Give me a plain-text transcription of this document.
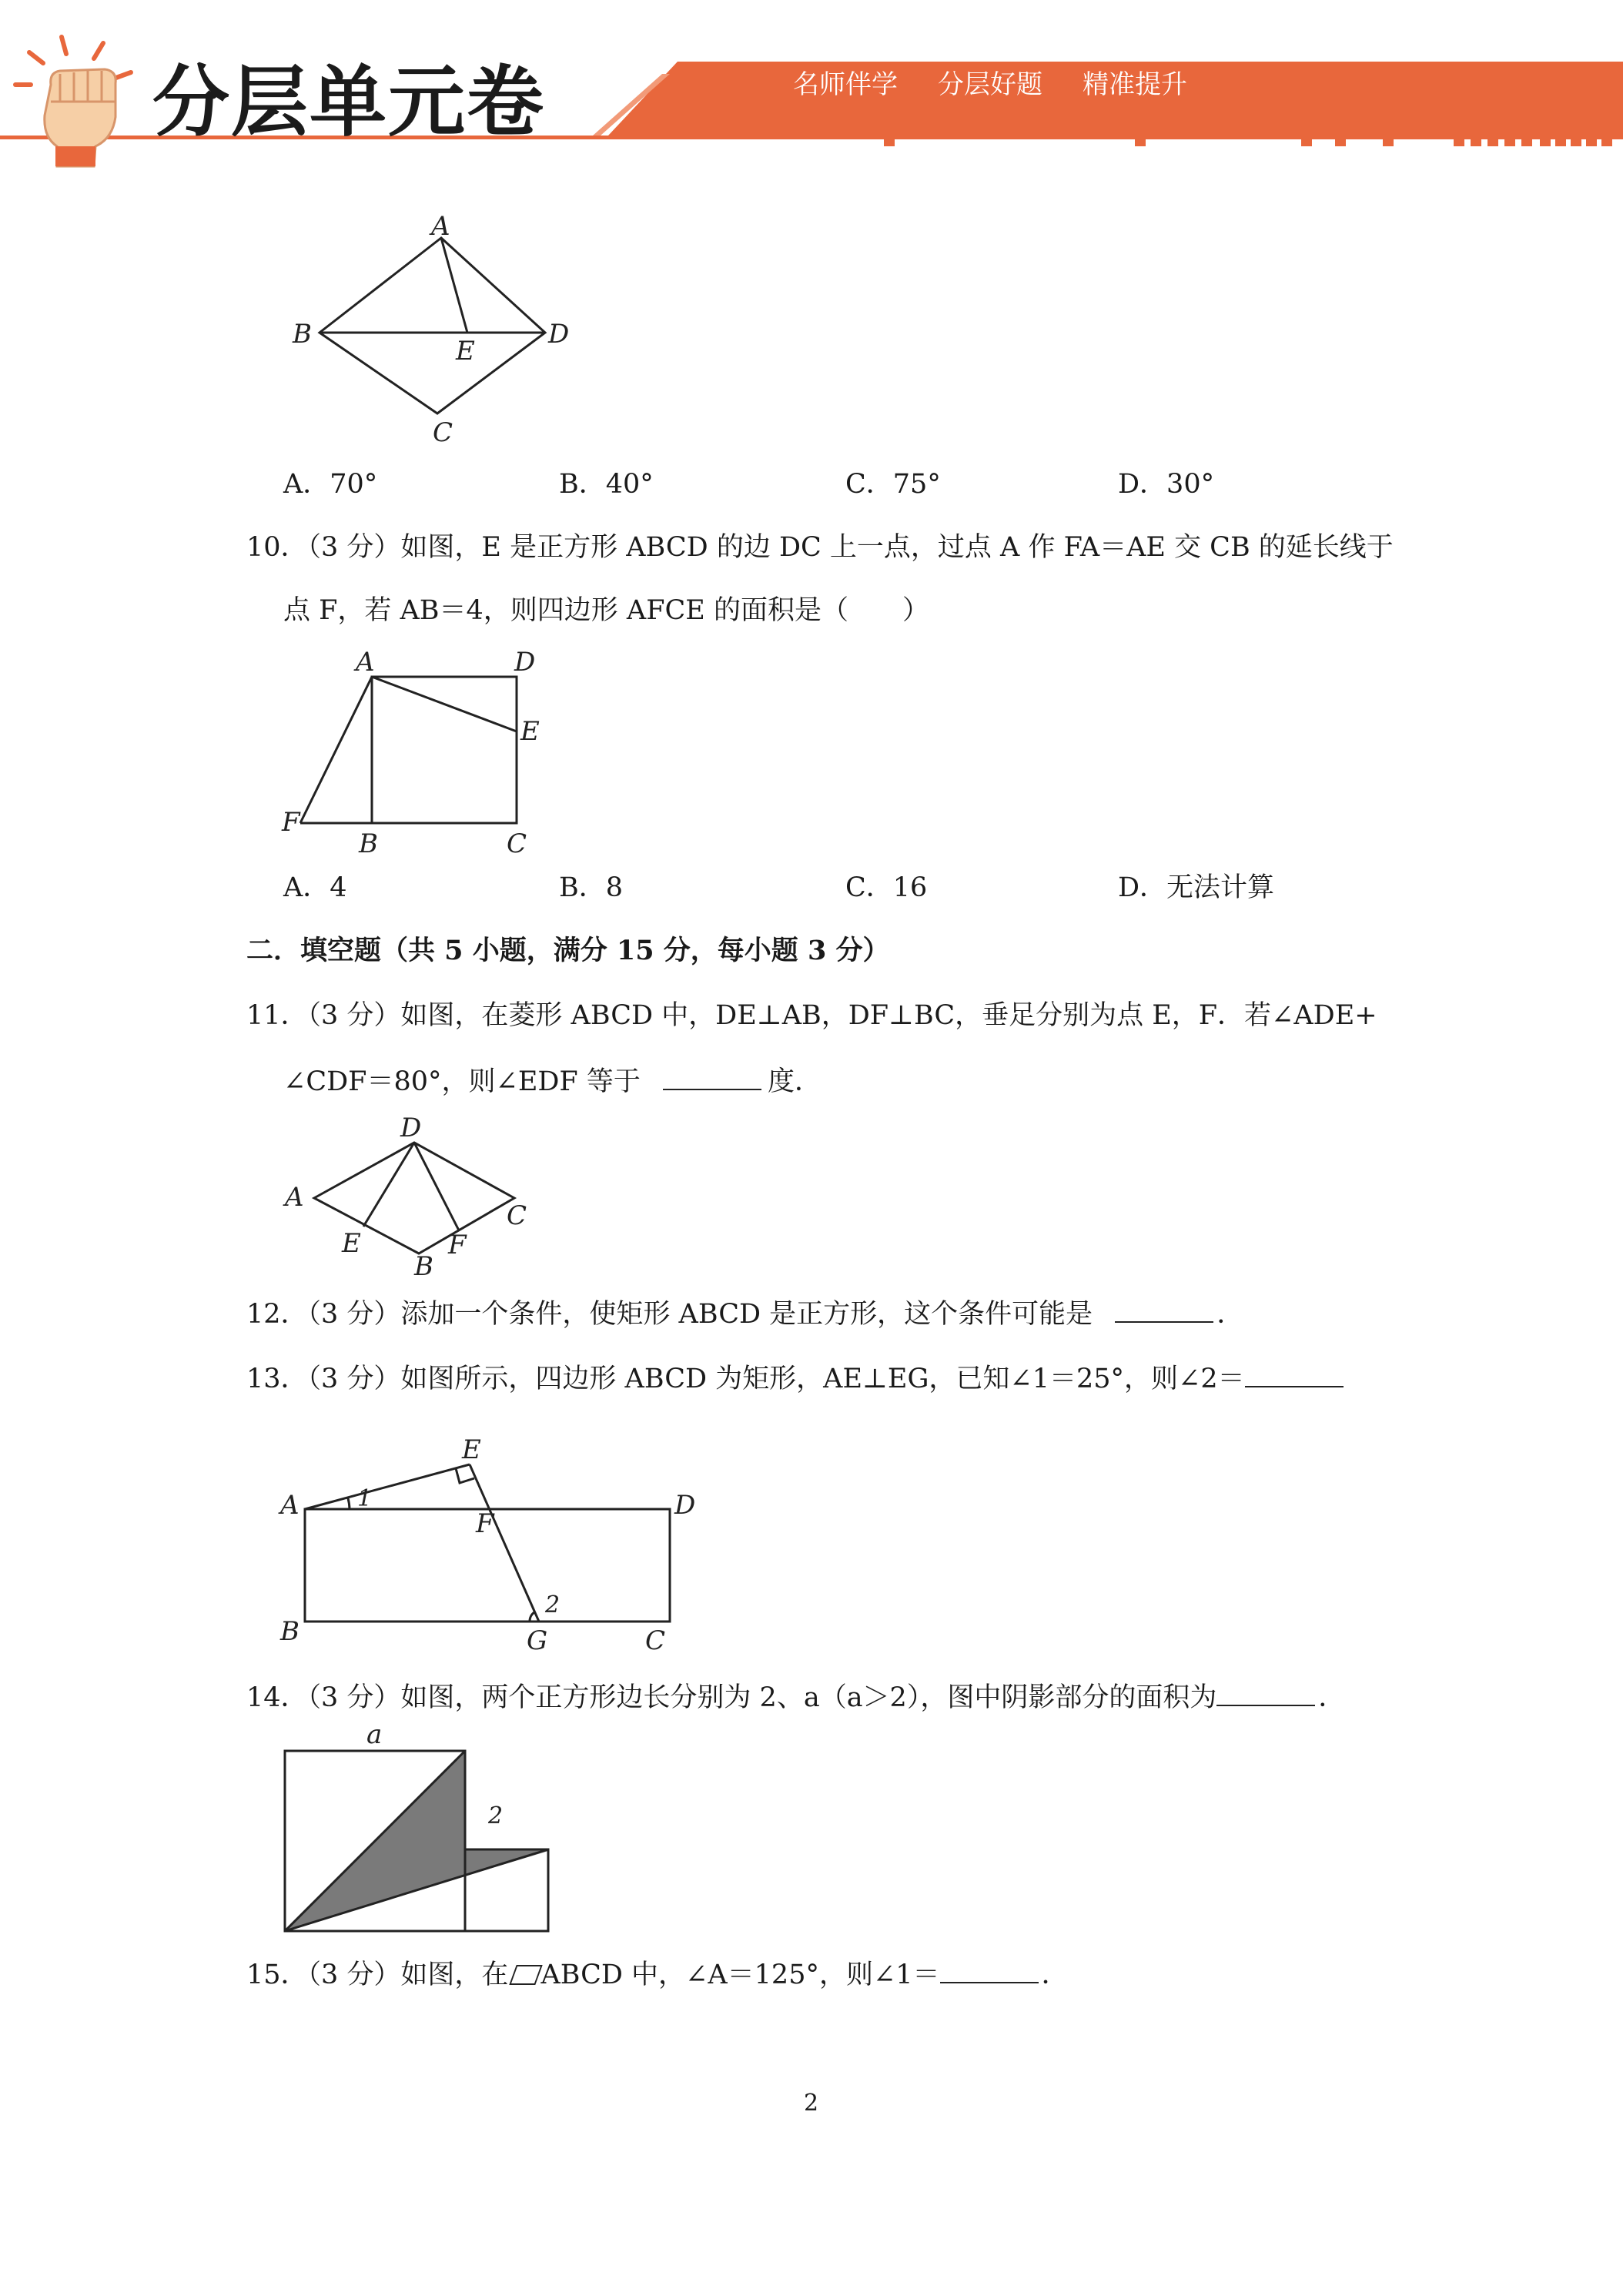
分层单元卷	名师伴学 分层好题 精准提升
A
B	D
C
E
A．70°	B．40°	C．75°	D．30°
10．（3 分）如图，E 是正方形 ABCD 的边 DC 上一点，过点 A 作 FA＝AE 交 CB 的延长线于
点 F，若 AB＝4，则四边形 AFCE 的面积是（　　）
A	D
E
F
B	C
A．4	B．8	C．16	D．无法计算
二．填空题（共 5 小题，满分 15 分，每小题 3 分）
11．（3 分）如图，在菱形 ABCD 中，DE⊥AB，DF⊥BC，垂足分别为点 E，F．若∠ADE+
∠CDF＝80°，则∠EDF 等于	度．
D
A
C
E	F
B
12．（3 分）添加一个条件，使矩形 ABCD 是正方形，这个条件可能是	．
13．（3 分）如图所示，四边形 ABCD 为矩形，AE⊥EG，已知∠1＝25°，则∠2＝
E
A	1	D
F
2
B	G	C
14．（3 分）如图，两个正方形边长分别为 2、a（a＞2），图中阴影部分的面积为	．
a
2
15．（3 分）如图，在 ABCD 中，∠A＝125°，则∠1＝	．
2
